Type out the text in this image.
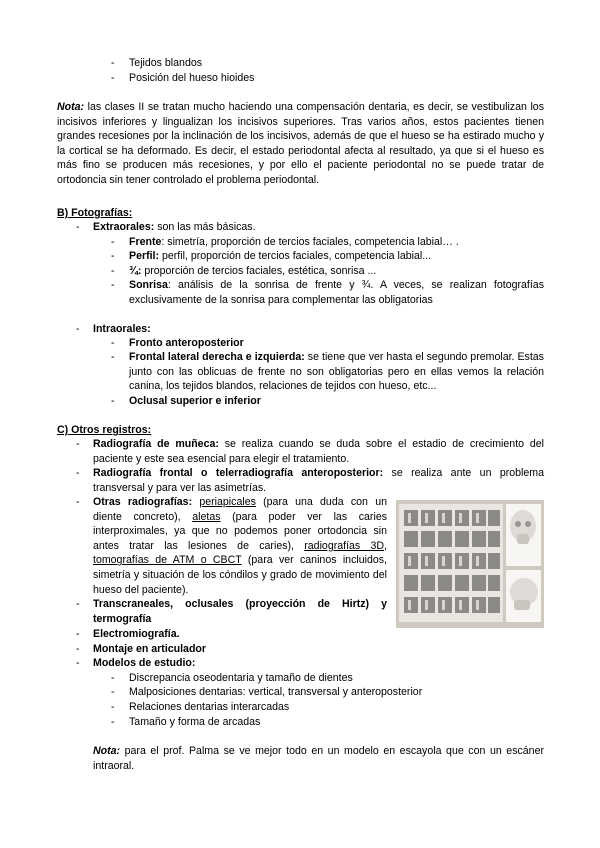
- Tejidos blandos
- Posición del hueso hioides
Nota: las clases II se tratan mucho haciendo una compensación dentaria, es decir, se vestibulizan los incisivos inferiores y lingualizan los incisivos superiores. Tras varios años, estos pacientes tienen grandes recesiones por la inclinación de los incisivos, además de que el hueso se ha estirado mucho y la cortical se ha deformado. Es decir, el estado periodontal afecta al resultado, ya que si el hueso es más fino se producen más recesiones, y por ello el paciente periodontal no se puede tratar de ortodoncia sin tener controlado el problema periodontal.
B) Fotografías:
- Extraorales: son las más básicas.
- Frente: simetría, proporción de tercios faciales, competencia labial… .
- Perfil: perfil, proporción de tercios faciales, competencia labial...
- ¾: proporción de tercios faciales, estética, sonrisa ...
- Sonrisa: análisis de la sonrisa de frente y ¾. A veces, se realizan fotografías exclusivamente de la sonrisa para complementar las obligatorias
- Intraorales:
- Fronto anteroposterior
- Frontal lateral derecha e izquierda: se tiene que ver hasta el segundo premolar. Estas junto con las oblicuas de frente no son obligatorias pero en ellas vemos la relación canina, los tejidos blandos, relaciones de tejidos con hueso, etc...
- Oclusal superior e inferior
C) Otros registros:
- Radiografía de muñeca: se realiza cuando se duda sobre el estadio de crecimiento del paciente y este sea esencial para elegir el tratamiento.
- Radiografía frontal o telerradiografía anteroposterior: se realiza ante un problema transversal y para ver las asimetrías.
- Otras radiografías: periapicales (para una duda con un diente concreto), aletas (para poder ver las caries interproximales, ya que no podemos poner ortodoncia sin antes tratar las lesiones de caries), radiografías 3D, tomografías de ATM o CBCT (para ver caninos incluidos, simetría y situación de los cóndilos y grado de movimiento del hueso del paciente).
- Transcraneales, oclusales (proyección de Hirtz) y termografía
- Electromiografía.
- Montaje en articulador
- Modelos de estudio:
- Discrepancia oseodentaria y tamaño de dientes
- Malposiciones dentarias: vertical, transversal y anteroposterior
- Relaciones dentarias interarcadas
- Tamaño y forma de arcadas
Nota: para el prof. Palma se ve mejor todo en un modelo en escayola que con un escáner intraoral.
